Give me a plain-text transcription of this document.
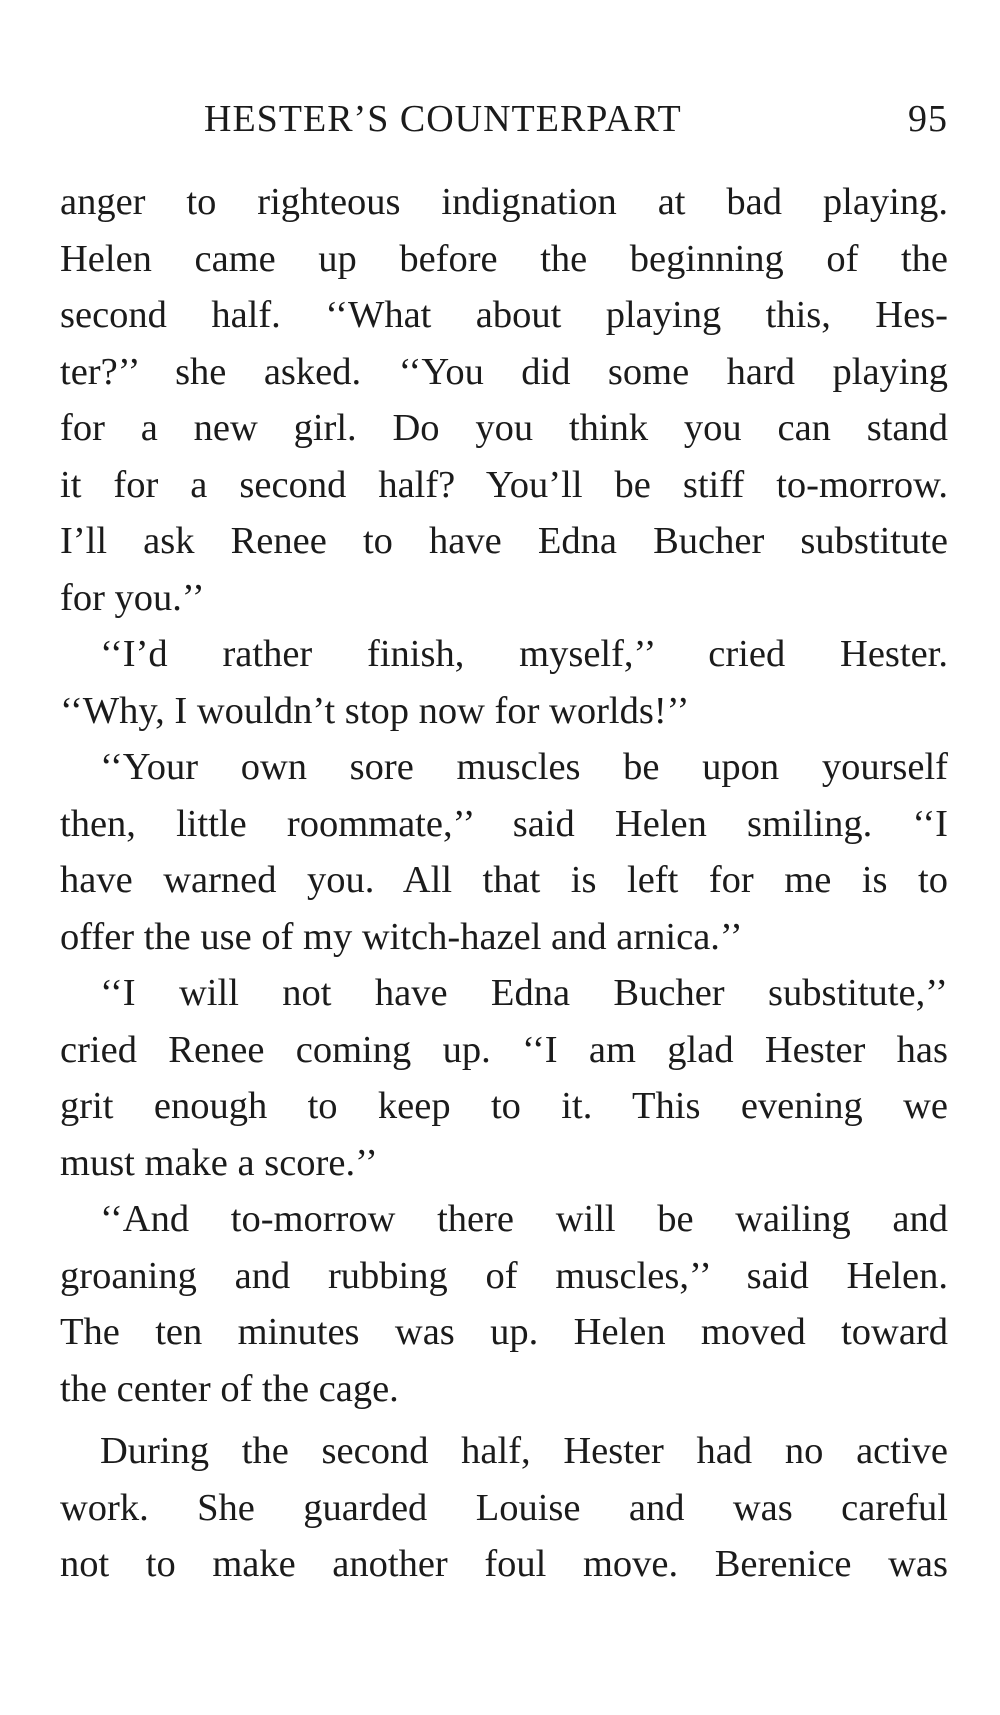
HESTER’S COUNTERPART	95
anger to righteous indignation at bad playing.
Helen came up before the beginning of the
second half. ‘‘What about playing this, Hes-
ter?’’ she asked. ‘‘You did some hard playing
for a new girl. Do you think you can stand
it for a second half? You’ll be stiff to-morrow.
I’ll ask Renee to have Edna Bucher substitute
for you.’’
‘‘I’d rather finish, myself,’’ cried Hester.
‘‘Why, I wouldn’t stop now for worlds!’’
‘‘Your own sore muscles be upon yourself
then, little roommate,’’ said Helen smiling. ‘‘I
have warned you. All that is left for me is to
offer the use of my witch-hazel and arnica.’’
‘‘I will not have Edna Bucher substitute,’’
cried Renee coming up. ‘‘I am glad Hester has
grit enough to keep to it. This evening we
must make a score.’’
‘‘And to-morrow there will be wailing and
groaning and rubbing of muscles,’’ said Helen.
The ten minutes was up. Helen moved toward
the center of the cage.
During the second half, Hester had no active
work. She guarded Louise and was careful
not to make another foul move. Berenice was
